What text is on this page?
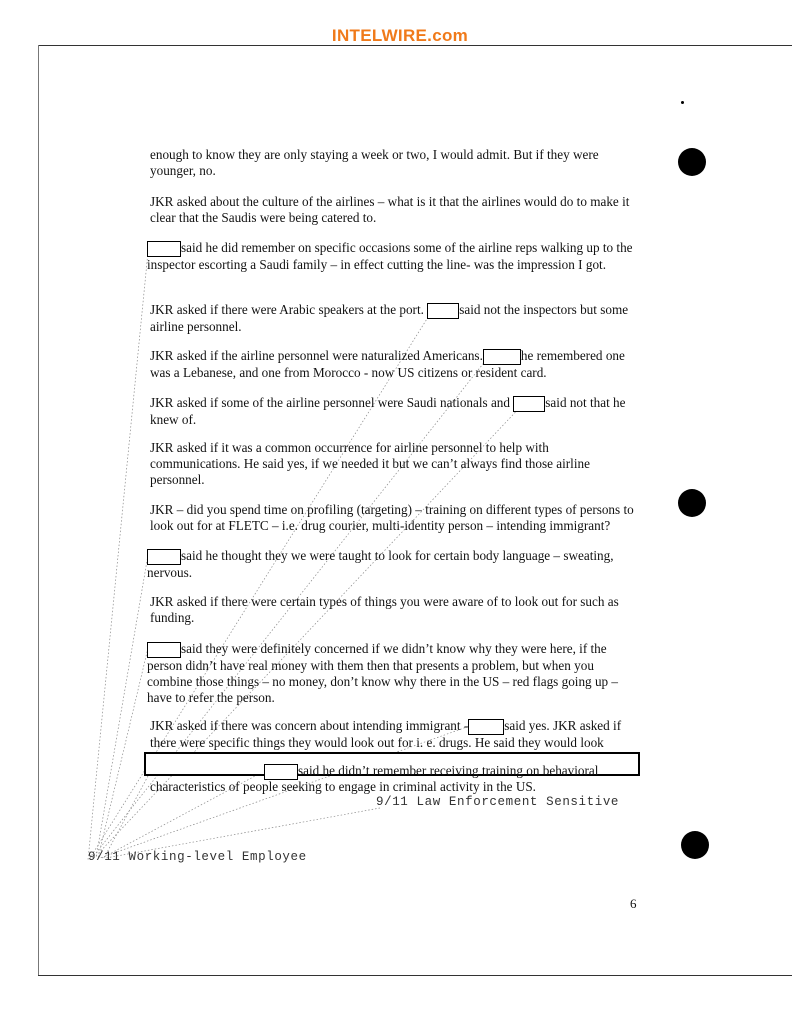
INTELWIRE.com

enough to know they are only staying a week or two, I would admit. But if they were younger, no.

JKR asked about the culture of the airlines – what is it that the airlines would do to make it clear that the Saudis were being catered to.

said he did remember on specific occasions some of the airline reps walking up to the inspector escorting a Saudi family – in effect cutting the line- was the impression I got.

JKR asked if there were Arabic speakers at the port.	said not the inspectors but some airline personnel.

JKR asked if the airline personnel were naturalized Americans.	he remembered one was a Lebanese, and one from Morocco - now US citizens or resident card.

JKR asked if some of the airline personnel were Saudi nationals and	said not that he knew of.

JKR asked if it was a common occurrence for airline personnel to help with communications. He said yes, if we needed it but we can’t always find those airline personnel.

JKR – did you spend time on profiling (targeting) – training on different types of persons to look out for at FLETC – i.e. drug courier, multi-identity person – intending immigrant?

said he thought they we were taught to look for certain body language – sweating, nervous.

JKR asked if there were certain types of things you were aware of to look out for such as funding.

said they were definitely concerned if we didn’t know why they were here, if the person didn’t have real money with them then that presents a problem, but when you combine those things – no money, don’t know why there in the US – red flags going up – have to refer the person.

JKR asked if there was concern about intending immigrant -	said yes. JKR asked if there were specific things they would look out for i. e. drugs. He said they would look

said he didn’t remember receiving training on behavioral

characteristics of people seeking to engage in criminal activity in the US.

9/11 Law Enforcement Sensitive
9/11 Working-level Employee
6
